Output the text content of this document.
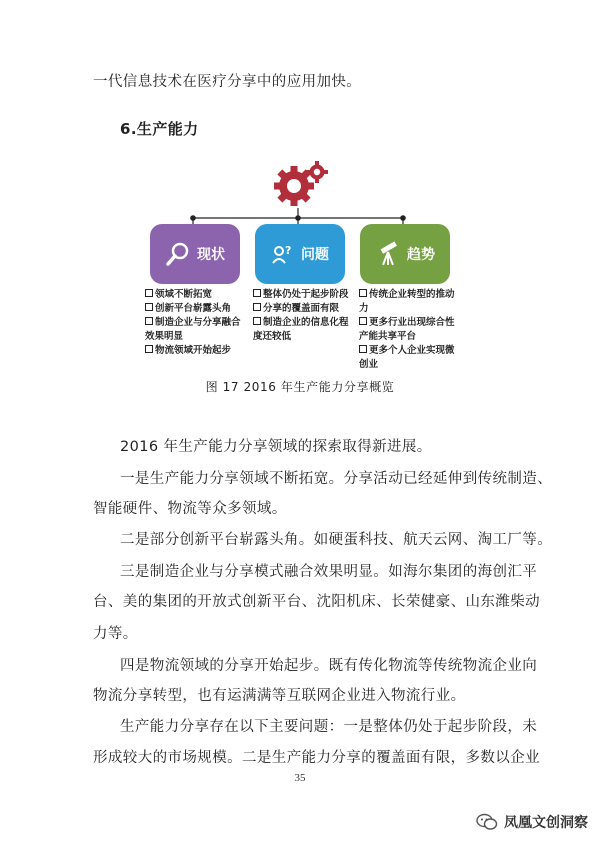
一代信息技术在医疗分享中的应用加快。
6.生产能力
现状	? 问题	趋势
领域不断拓宽
创新平台崭露头角
制造企业与分享融合效果明显
物流领域开始起步
整体仍处于起步阶段
分享的覆盖面有限
制造企业的信息化程度还较低
传统企业转型的推动力
更多行业出现综合性产能共享平台
更多个人企业实现微创业
图 17 2016 年生产能力分享概览
2016 年生产能力分享领域的探索取得新进展。
一是生产能力分享领域不断拓宽。分享活动已经延伸到传统制造、
智能硬件、物流等众多领域。
二是部分创新平台崭露头角。如硬蛋科技、航天云网、淘工厂等。
三是制造企业与分享模式融合效果明显。如海尔集团的海创汇平
台、美的集团的开放式创新平台、沈阳机床、长荣健豪、山东潍柴动
力等。
四是物流领域的分享开始起步。既有传化物流等传统物流企业向
物流分享转型，也有运满满等互联网企业进入物流行业。
生产能力分享存在以下主要问题：一是整体仍处于起步阶段，未
形成较大的市场规模。二是生产能力分享的覆盖面有限，多数以企业
35
凤凰文创洞察
